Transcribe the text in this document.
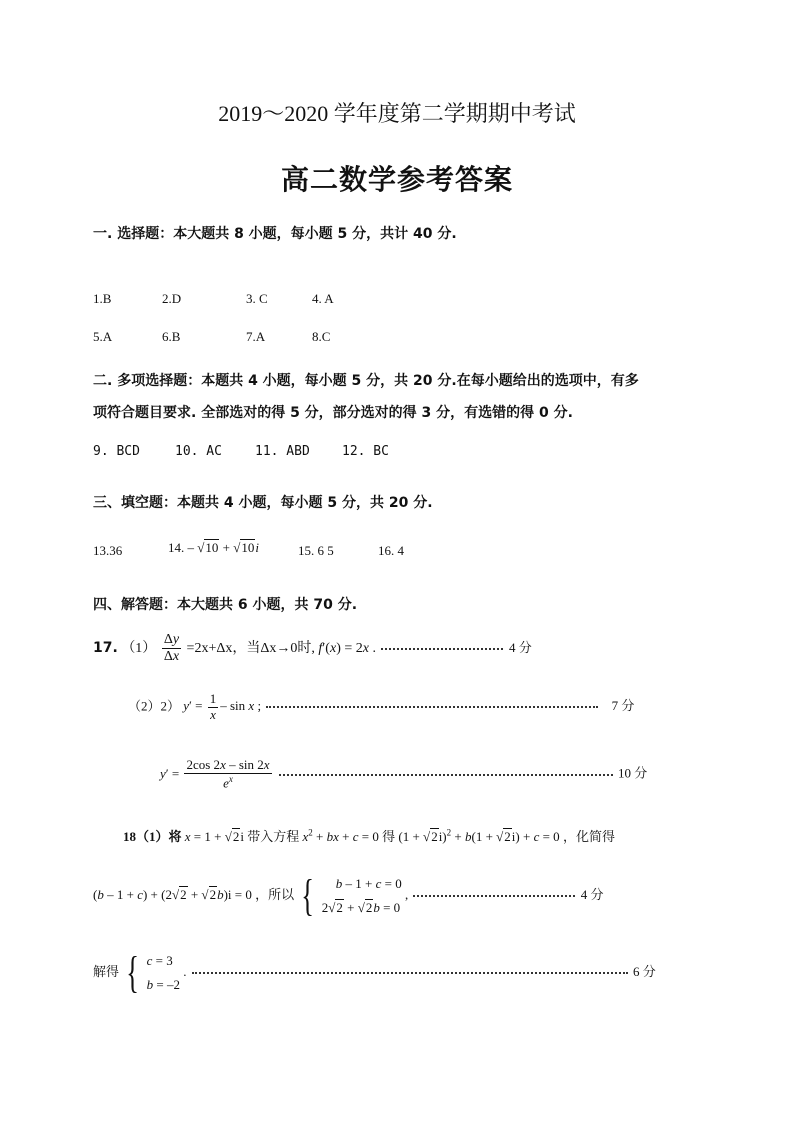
2019～2020 学年度第二学期期中考试
高二数学参考答案
一. 选择题：本大题共 8 小题，每小题 5 分，共计 40 分.
1.B	2.D	3. C	4. A
5.A	6.B	7.A	8.C
二. 多项选择题：本题共 4 小题，每小题 5 分，共 20 分.在每小题给出的选项中，有多
项符合题目要求. 全部选对的得 5 分，部分选对的得 3 分，有选错的得 0 分.
9. BCD	10. AC	11. ABD 12. BC
三、填空题：本题共 4 小题，每小题 5 分，共 20 分.
13.36	14. – √10 + √10i	15. 6 5	16. 4
四、解答题：本大题共 6 小题，共 70 分.
17. $(1) \frac{\Delta y}{\Delta x} =2x+\Delta x$，当Δx→0时, f′(x) = 2x .	4 分
（2）2） $y' = \frac{1}{x} - \sin x$ ;	7 分
$y' = \frac{2\cos 2x - \sin 2x}{e^x}$	10 分
18（1）将 x = 1 + √2i 带入方程 $x^2$ + bx + c = 0 得 $(1 + √2i)^2 + b(1 + √2i) + c = 0$ ，化简得
(b – 1 + c) + (2√2 + √2b)i = 0 ，所以 {	b – 1 + c = 0
2√2 + √2b = 0
,	4 分
解得 { c = 3
b = –2
.	6 分
